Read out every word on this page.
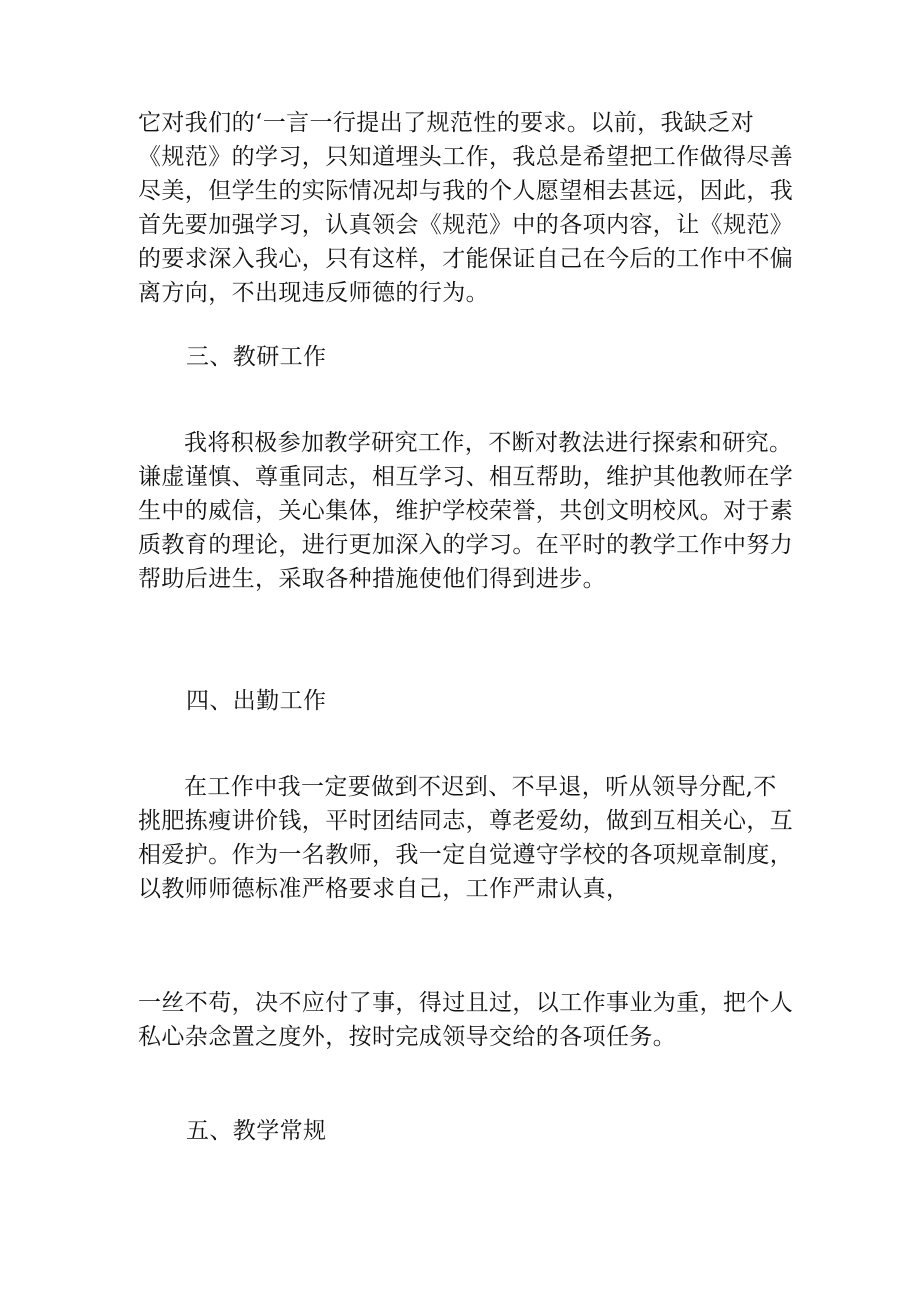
它对我们的‘一言一行提出了规范性的要求。以前，我缺乏对
《规范》的学习，只知道埋头工作，我总是希望把工作做得尽善
尽美，但学生的实际情况却与我的个人愿望相去甚远，因此，我
首先要加强学习，认真领会《规范》中的各项内容，让《规范》
的要求深入我心，只有这样，才能保证自己在今后的工作中不偏
离方向，不出现违反师德的行为。
三、教研工作
我将积极参加教学研究工作，不断对教法进行探索和研究。
谦虚谨慎、尊重同志，相互学习、相互帮助，维护其他教师在学
生中的威信，关心集体，维护学校荣誉，共创文明校风。对于素
质教育的理论，进行更加深入的学习。在平时的教学工作中努力
帮助后进生，采取各种措施使他们得到进步。
四、出勤工作
在工作中我一定要做到不迟到、不早退，听从领导分配,不
挑肥拣瘦讲价钱，平时团结同志，尊老爱幼，做到互相关心，互
相爱护。作为一名教师，我一定自觉遵守学校的各项规章制度，
以教师师德标准严格要求自己，工作严肃认真，
一丝不苟，决不应付了事，得过且过，以工作事业为重，把个人
私心杂念置之度外，按时完成领导交给的各项任务。
五、教学常规
